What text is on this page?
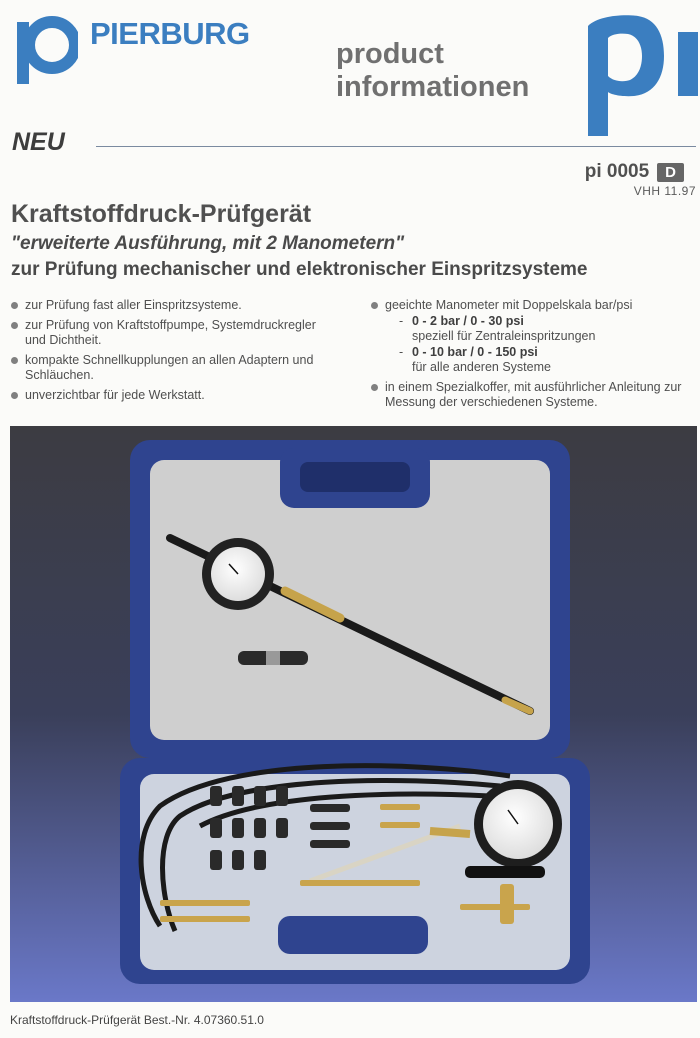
PIERBURG
product
informationen
NEU
pi 0005	D
VHH 11.97
Kraftstoffdruck-Prüfgerät
"erweiterte Ausführung, mit 2 Manometern"
zur Prüfung mechanischer und elektronischer Einspritzsysteme
zur Prüfung fast aller Einspritzsysteme.
zur Prüfung von Kraftstoffpumpe, Systemdruckregler und Dichtheit.
kompakte Schnellkupplungen an allen Adaptern und Schläuchen.
unverzichtbar für jede Werkstatt.
geeichte Manometer mit Doppelskala bar/psi
- 0 - 2 bar / 0 - 30 psi
speziell für Zentraleinspritzungen
- 0 - 10 bar / 0 - 150 psi
für alle anderen Systeme
in einem Spezialkoffer, mit ausführlicher Anleitung zur Messung der verschiedenen Systeme.
Kraftstoffdruck-Prüfgerät Best.-Nr. 4.07360.51.0
